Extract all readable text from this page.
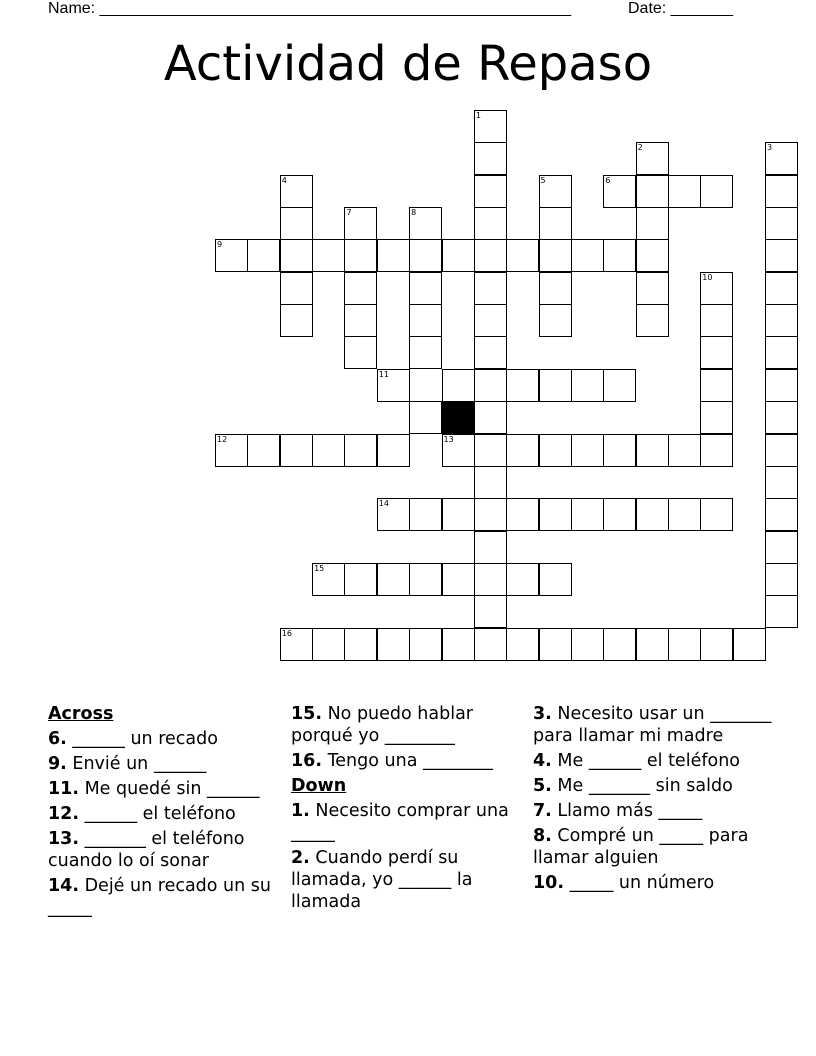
Name: _____________________________________________________	Date: _______
Actividad de Repaso
1
2	3
4	5	6
7	8
9
10
11
12	13
14
15
16
Across
6. ______ un recado
9. Envié un ______
11. Me quedé sin ______
12. ______ el teléfono
13. _______ el teléfono cuando lo oí sonar
14. Dejé un recado un su _____
15. No puedo hablar porqué yo ________
16. Tengo una ________
Down
1. Necesito comprar una _____
2. Cuando perdí su llamada, yo ______ la llamada
3. Necesito usar un _______ para llamar mi madre
4. Me ______ el teléfono
5. Me _______ sin saldo
7. Llamo más _____
8. Compré un _____ para llamar alguien
10. _____ un número
